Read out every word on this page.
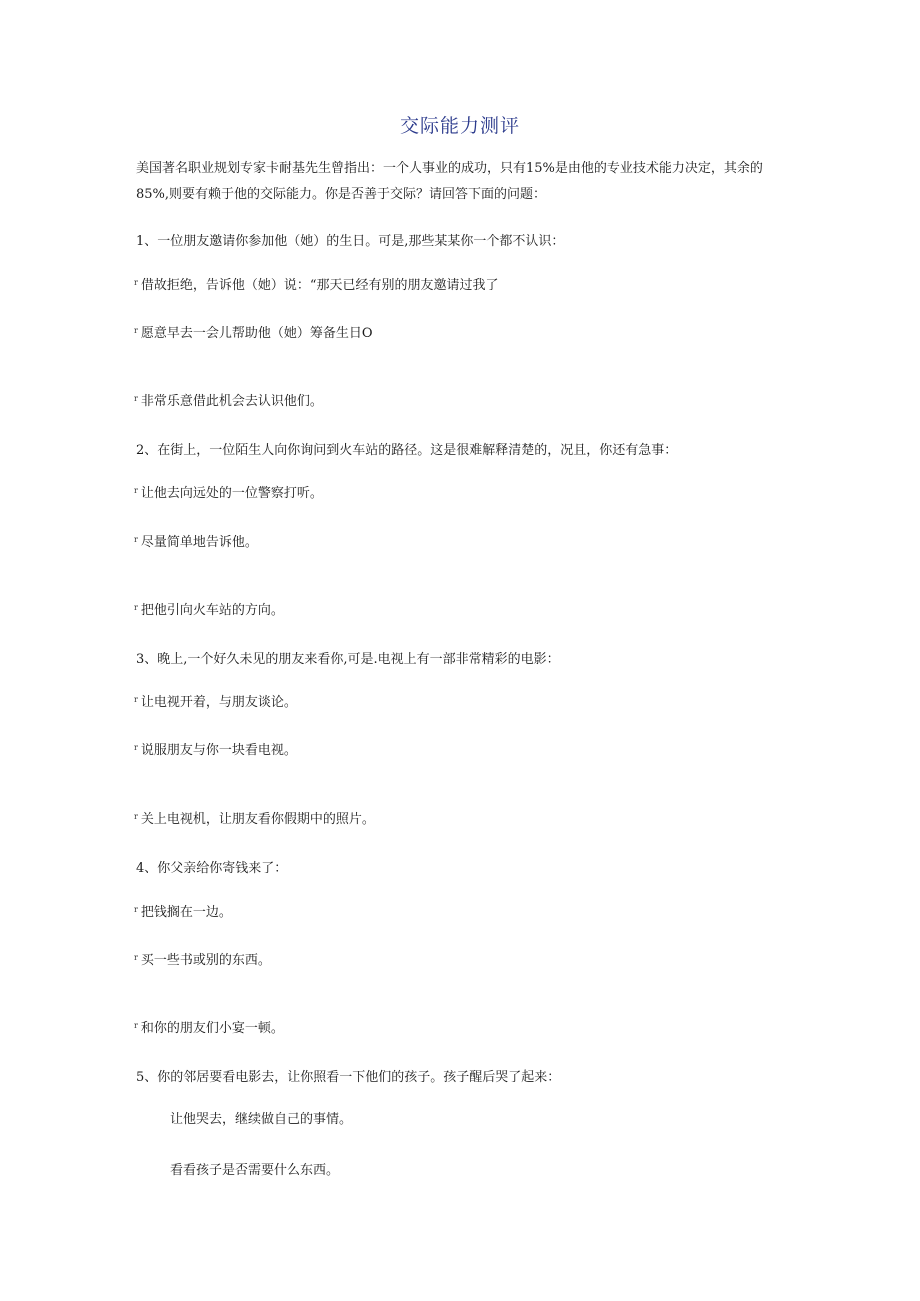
交际能力测评
美国著名职业规划专家卡耐基先生曾指出：一个人事业的成功，只有15%是由他的专业技术能力决定，其余的85%,则要有赖于他的交际能力。你是否善于交际？请回答下面的问题：
1、一位朋友邀请你参加他（她）的生日。可是,那些某某你一个都不认识：
r 借故拒绝，告诉他（她）说：“那天已经有别的朋友邀请过我了
r 愿意早去一会儿帮助他（她）筹备生日O
r 非常乐意借此机会去认识他们。
2、在街上，一位陌生人向你询问到火车站的路径。这是很难解释清楚的，况且，你还有急事：
r 让他去向远处的一位警察打听。
r 尽量简单地告诉他。
r 把他引向火车站的方向。
3、晚上,一个好久未见的朋友来看你,可是.电视上有一部非常精彩的电影：
r 让电视开着，与朋友谈论。
r 说服朋友与你一块看电视。
r 关上电视机，让朋友看你假期中的照片。
4、你父亲给你寄钱来了：
r 把钱搁在一边。
r 买一些书或别的东西。
r 和你的朋友们小宴一顿。
5、你的邻居要看电影去，让你照看一下他们的孩子。孩子醒后哭了起来：
让他哭去，继续做自己的事情。
看看孩子是否需要什么东西。
